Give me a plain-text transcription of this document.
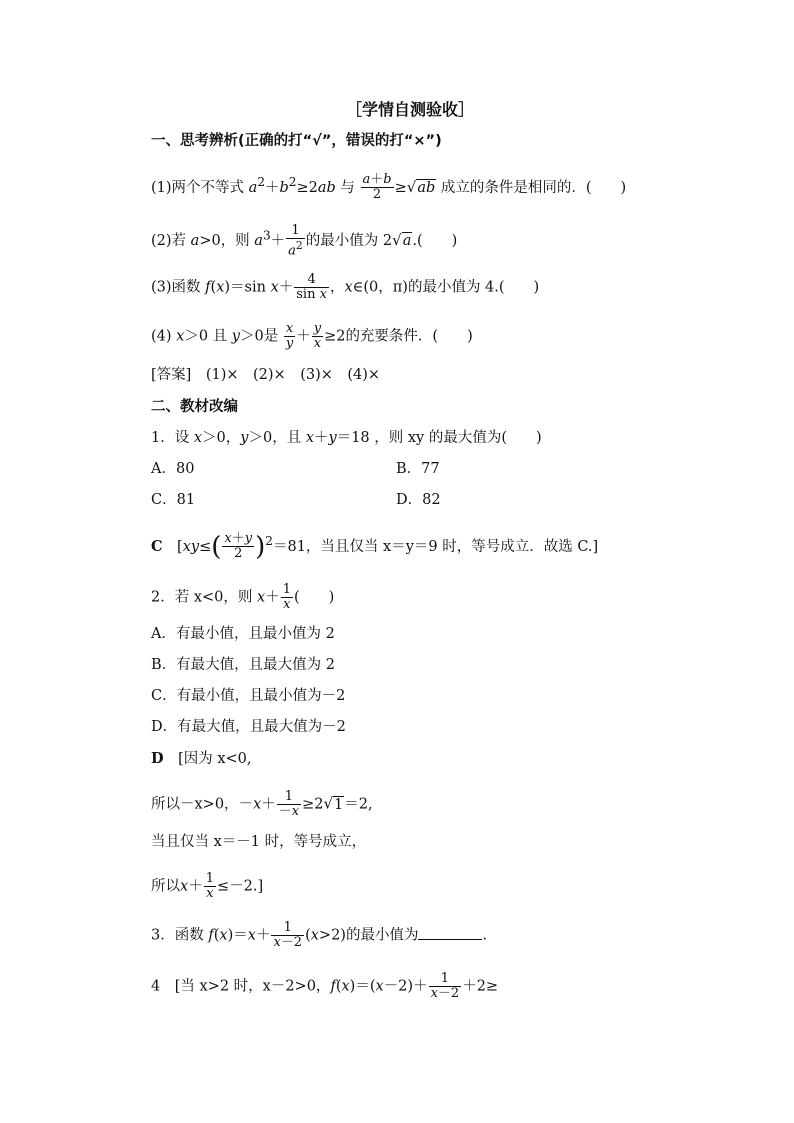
［学情自测验收］
一、思考辨析(正确的打“√”，错误的打“×”)
(1)两个不等式 $a^2+b^2\ge 2ab$ 与 $\frac{a+b}{2} \ge√ab$ 成立的条件是相同的．(　　)
(2)若 a>0，则 $a^3+ \frac{1}{a^2}$ 的最小值为 2√a.(　　)
(3)函数 f(x)＝sin $x+ \frac{4}{\text{sin x}}$ ，x∈(0，π)的最小值为 4.(　　)
(4) x＞0 且 y＞0是 $\frac{x}{y} + \frac{y}{x} \ge 2$的充要条件．(　　)
[答案]　(1)×　(2)×　(3)×　(4)×
二、教材改编
1．设 x＞0，y＞0，且 x＋y＝18 ，则 xy 的最大值为(　　)
A．80	B．77
C．81	D．82
C　[$xy\le( \frac{x+y}{2} )^2=81$，当且仅当 x＝y＝9 时，等号成立．故选 C.]
2．若 x<0，则 $x+ \frac{1}{x}$ (　　)
A．有最小值，且最小值为 2
B．有最大值，且最大值为 2
C．有最小值，且最小值为－2
D．有最大值，且最大值为－2
D　 [因为 x<0,
所以－x>0，$-x+ \frac{1}{-x} \ge 2√1=2$,
当且仅当 x＝－1 时，等号成立，
所以$x+ \frac{1}{x} \le-2$.]
3．函数 $f(x)=x+ \frac{1}{x-2} (x>2)$的最小值为	.
4　[当 x>2 时，x－2>0，$f(x)=(x-2)+ \frac{1}{x-2} +2\ge$
